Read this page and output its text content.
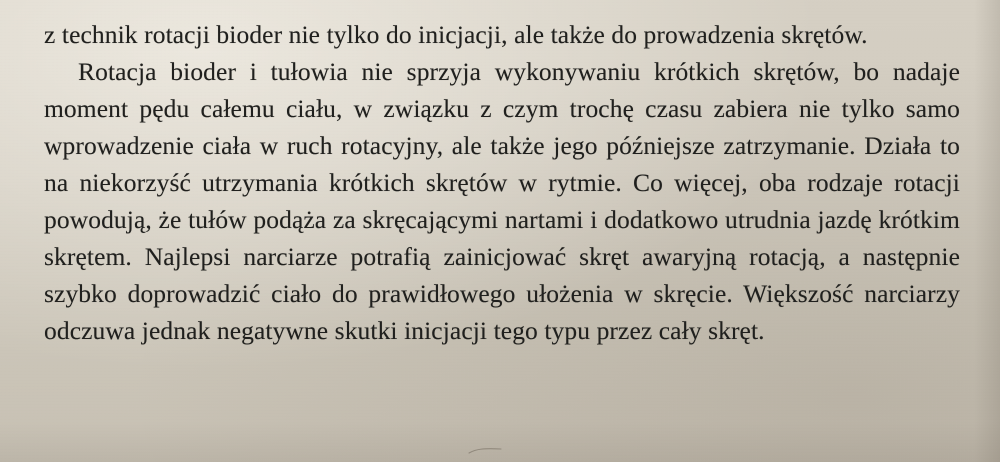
z technik rotacji bioder nie tylko do inicjacji, ale także do prowadzenia skrętów.

Rotacja bioder i tułowia nie sprzyja wykonywaniu krótkich skrętów, bo nadaje moment pędu całemu ciału, w związku z czym trochę czasu zabiera nie tylko samo wprowadzenie ciała w ruch rotacyjny, ale także jego późniejsze zatrzymanie. Działa to na niekorzyść utrzymania krótkich skrętów w rytmie. Co więcej, oba rodzaje rotacji powodują, że tułów podąża za skręcającymi nartami i dodatkowo utrudnia jazdę krótkim skrętem. Najlepsi narciarze potrafią zainicjować skręt awaryjną rotacją, a następnie szybko doprowadzić ciało do prawidłowego ułożenia w skręcie. Większość narciarzy odczuwa jednak negatywne skutki inicjacji tego typu przez cały skręt.
